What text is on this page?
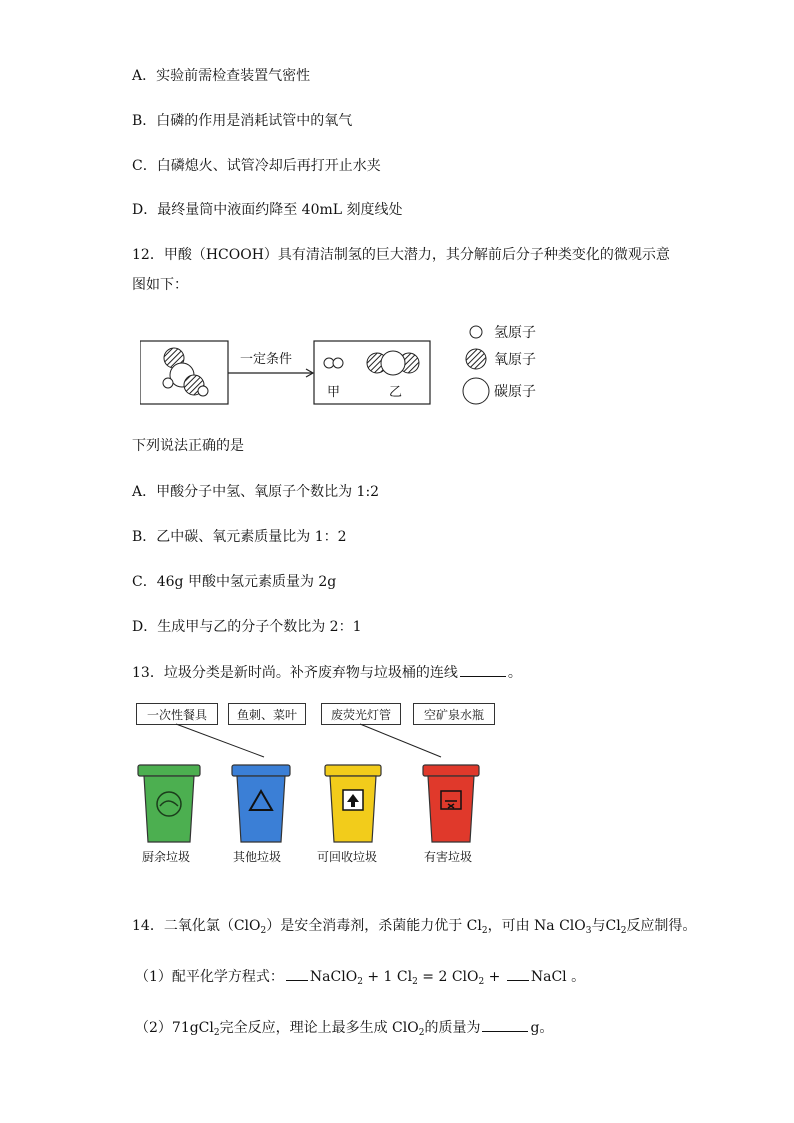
A．实验前需检查装置气密性
B．白磷的作用是消耗试管中的氧气
C．白磷熄火、试管冷却后再打开止水夹
D．最终量筒中液面约降至 40mL 刻度线处
12．甲酸（HCOOH）具有清洁制氢的巨大潜力，其分解前后分子种类变化的微观示意图如下：
一定条件
甲	乙
氢原子
氧原子
碳原子
下列说法正确的是
A．甲酸分子中氢、氧原子个数比为 1:2
B．乙中碳、氧元素质量比为 1：2
C．46g 甲酸中氢元素质量为 2g
D．生成甲与乙的分子个数比为 2：1
13．垃圾分类是新时尚。补齐废弃物与垃圾桶的连线	。
一次性餐具	鱼刺、菜叶	废荧光灯管	空矿泉水瓶
厨余垃圾	其他垃圾	可回收垃圾	有害垃圾
14．二氧化氯（ClO$_2$）是安全消毒剂，杀菌能力优于 $Cl_2$，可由 Na ClO$_3$与$Cl_2$反应制得。
（1）配平化学方程式： NaClO$_2$ + 1 $Cl_2 = 2$ ClO$_2$ + NaCl 。
（2）71gCl$_2$完全反应，理论上最多生成 ClO$_2$的质量为	g。
